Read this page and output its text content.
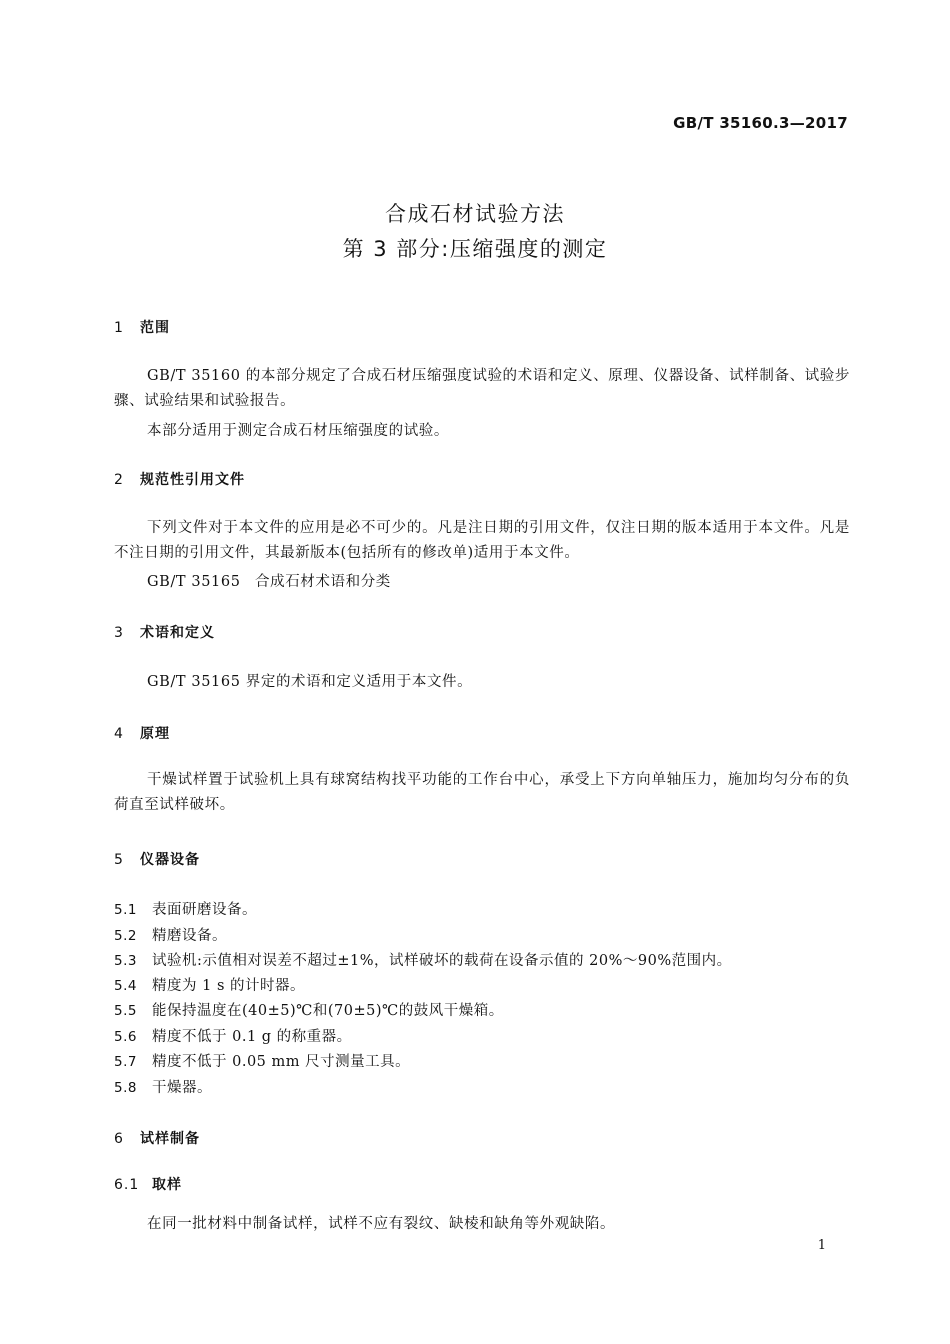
GB/T 35160.3—2017
合成石材试验方法
第 3 部分:压缩强度的测定
1 范围
GB/T 35160 的本部分规定了合成石材压缩强度试验的术语和定义、原理、仪器设备、试样制备、试验步骤、试验结果和试验报告。
本部分适用于测定合成石材压缩强度的试验。
2 规范性引用文件
下列文件对于本文件的应用是必不可少的。凡是注日期的引用文件，仅注日期的版本适用于本文件。凡是不注日期的引用文件，其最新版本(包括所有的修改单)适用于本文件。
GB/T 35165 合成石材术语和分类
3 术语和定义
GB/T 35165 界定的术语和定义适用于本文件。
4 原理
干燥试样置于试验机上具有球窝结构找平功能的工作台中心，承受上下方向单轴压力，施加均匀分布的负荷直至试样破坏。
5 仪器设备
5.1 表面研磨设备。
5.2 精磨设备。
5.3 试验机:示值相对误差不超过±1%，试样破坏的载荷在设备示值的 20%～90%范围内。
5.4 精度为 1 s 的计时器。
5.5 能保持温度在(40±5)℃和(70±5)℃的鼓风干燥箱。
5.6 精度不低于 0.1 g 的称重器。
5.7 精度不低于 0.05 mm 尺寸测量工具。
5.8 干燥器。
6 试样制备
6.1 取样
在同一批材料中制备试样，试样不应有裂纹、缺棱和缺角等外观缺陷。
1
